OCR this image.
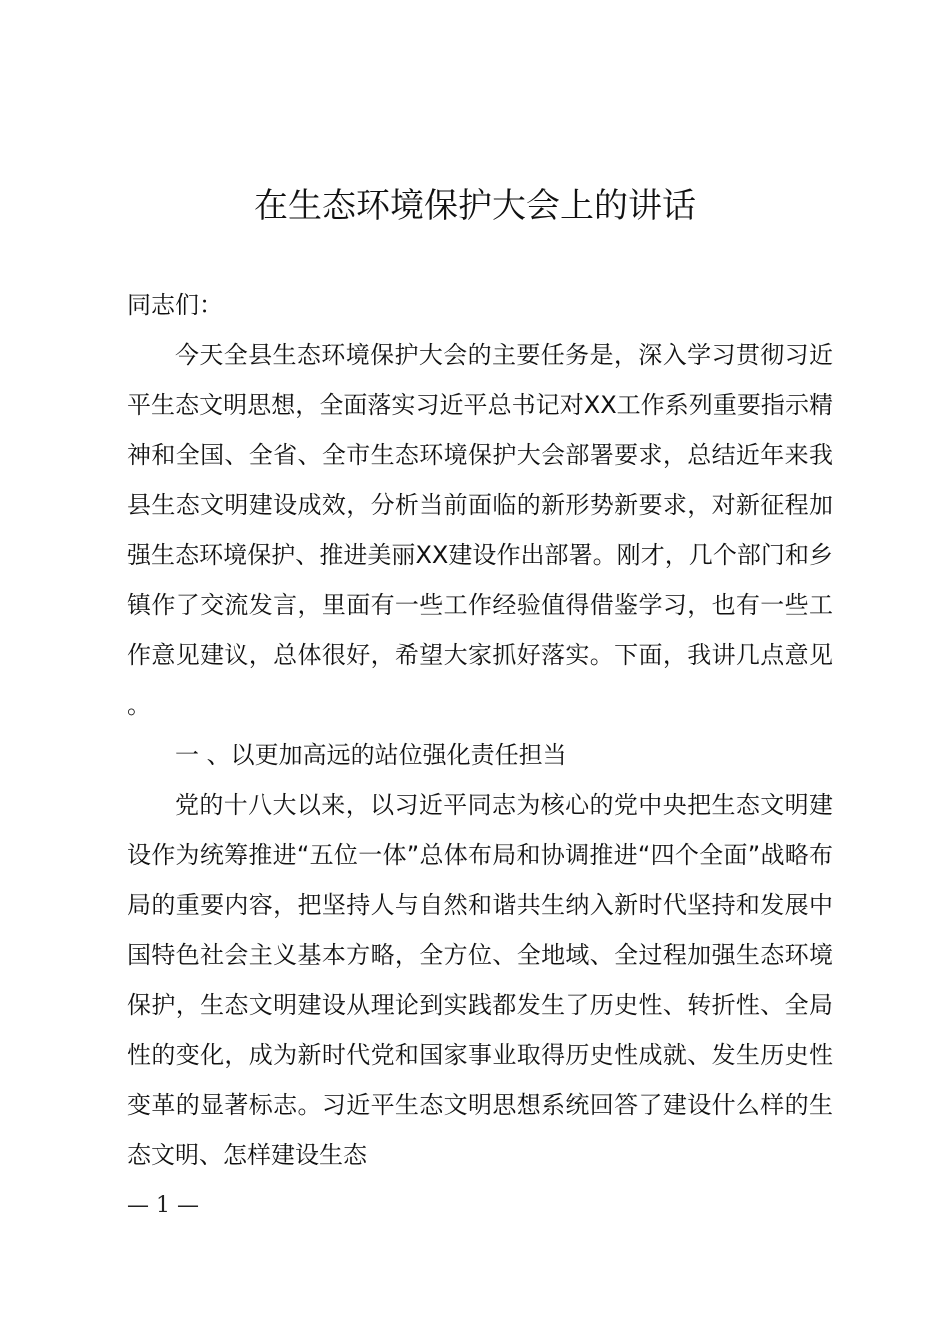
在生态环境保护大会上的讲话

同志们：

今天全县生态环境保护大会的主要任务是，深入学习贯彻习近平生态文明思想，全面落实习近平总书记对XX工作系列重要指示精神和全国、全省、全市生态环境保护大会部署要求，总结近年来我县生态文明建设成效，分析当前面临的新形势新要求，对新征程加强生态环境保护、推进美丽XX建设作出部署。刚才，几个部门和乡镇作了交流发言，里面有一些工作经验值得借鉴学习，也有一些工作意见建议，总体很好，希望大家抓好落实。下面，我讲几点意见。

一 、以更加高远的站位强化责任担当

党的十八大以来，以习近平同志为核心的党中央把生态文明建设作为统筹推进“五位一体”总体布局和协调推进“四个全面”战略布局的重要内容，把坚持人与自然和谐共生纳入新时代坚持和发展中国特色社会主义基本方略，全方位、全地域、全过程加强生态环境保护，生态文明建设从理论到实践都发生了历史性、转折性、全局性的变化，成为新时代党和国家事业取得历史性成就、发生历史性变革的显著标志。习近平生态文明思想系统回答了建设什么样的生态文明、怎样建设生态

— 1 —
